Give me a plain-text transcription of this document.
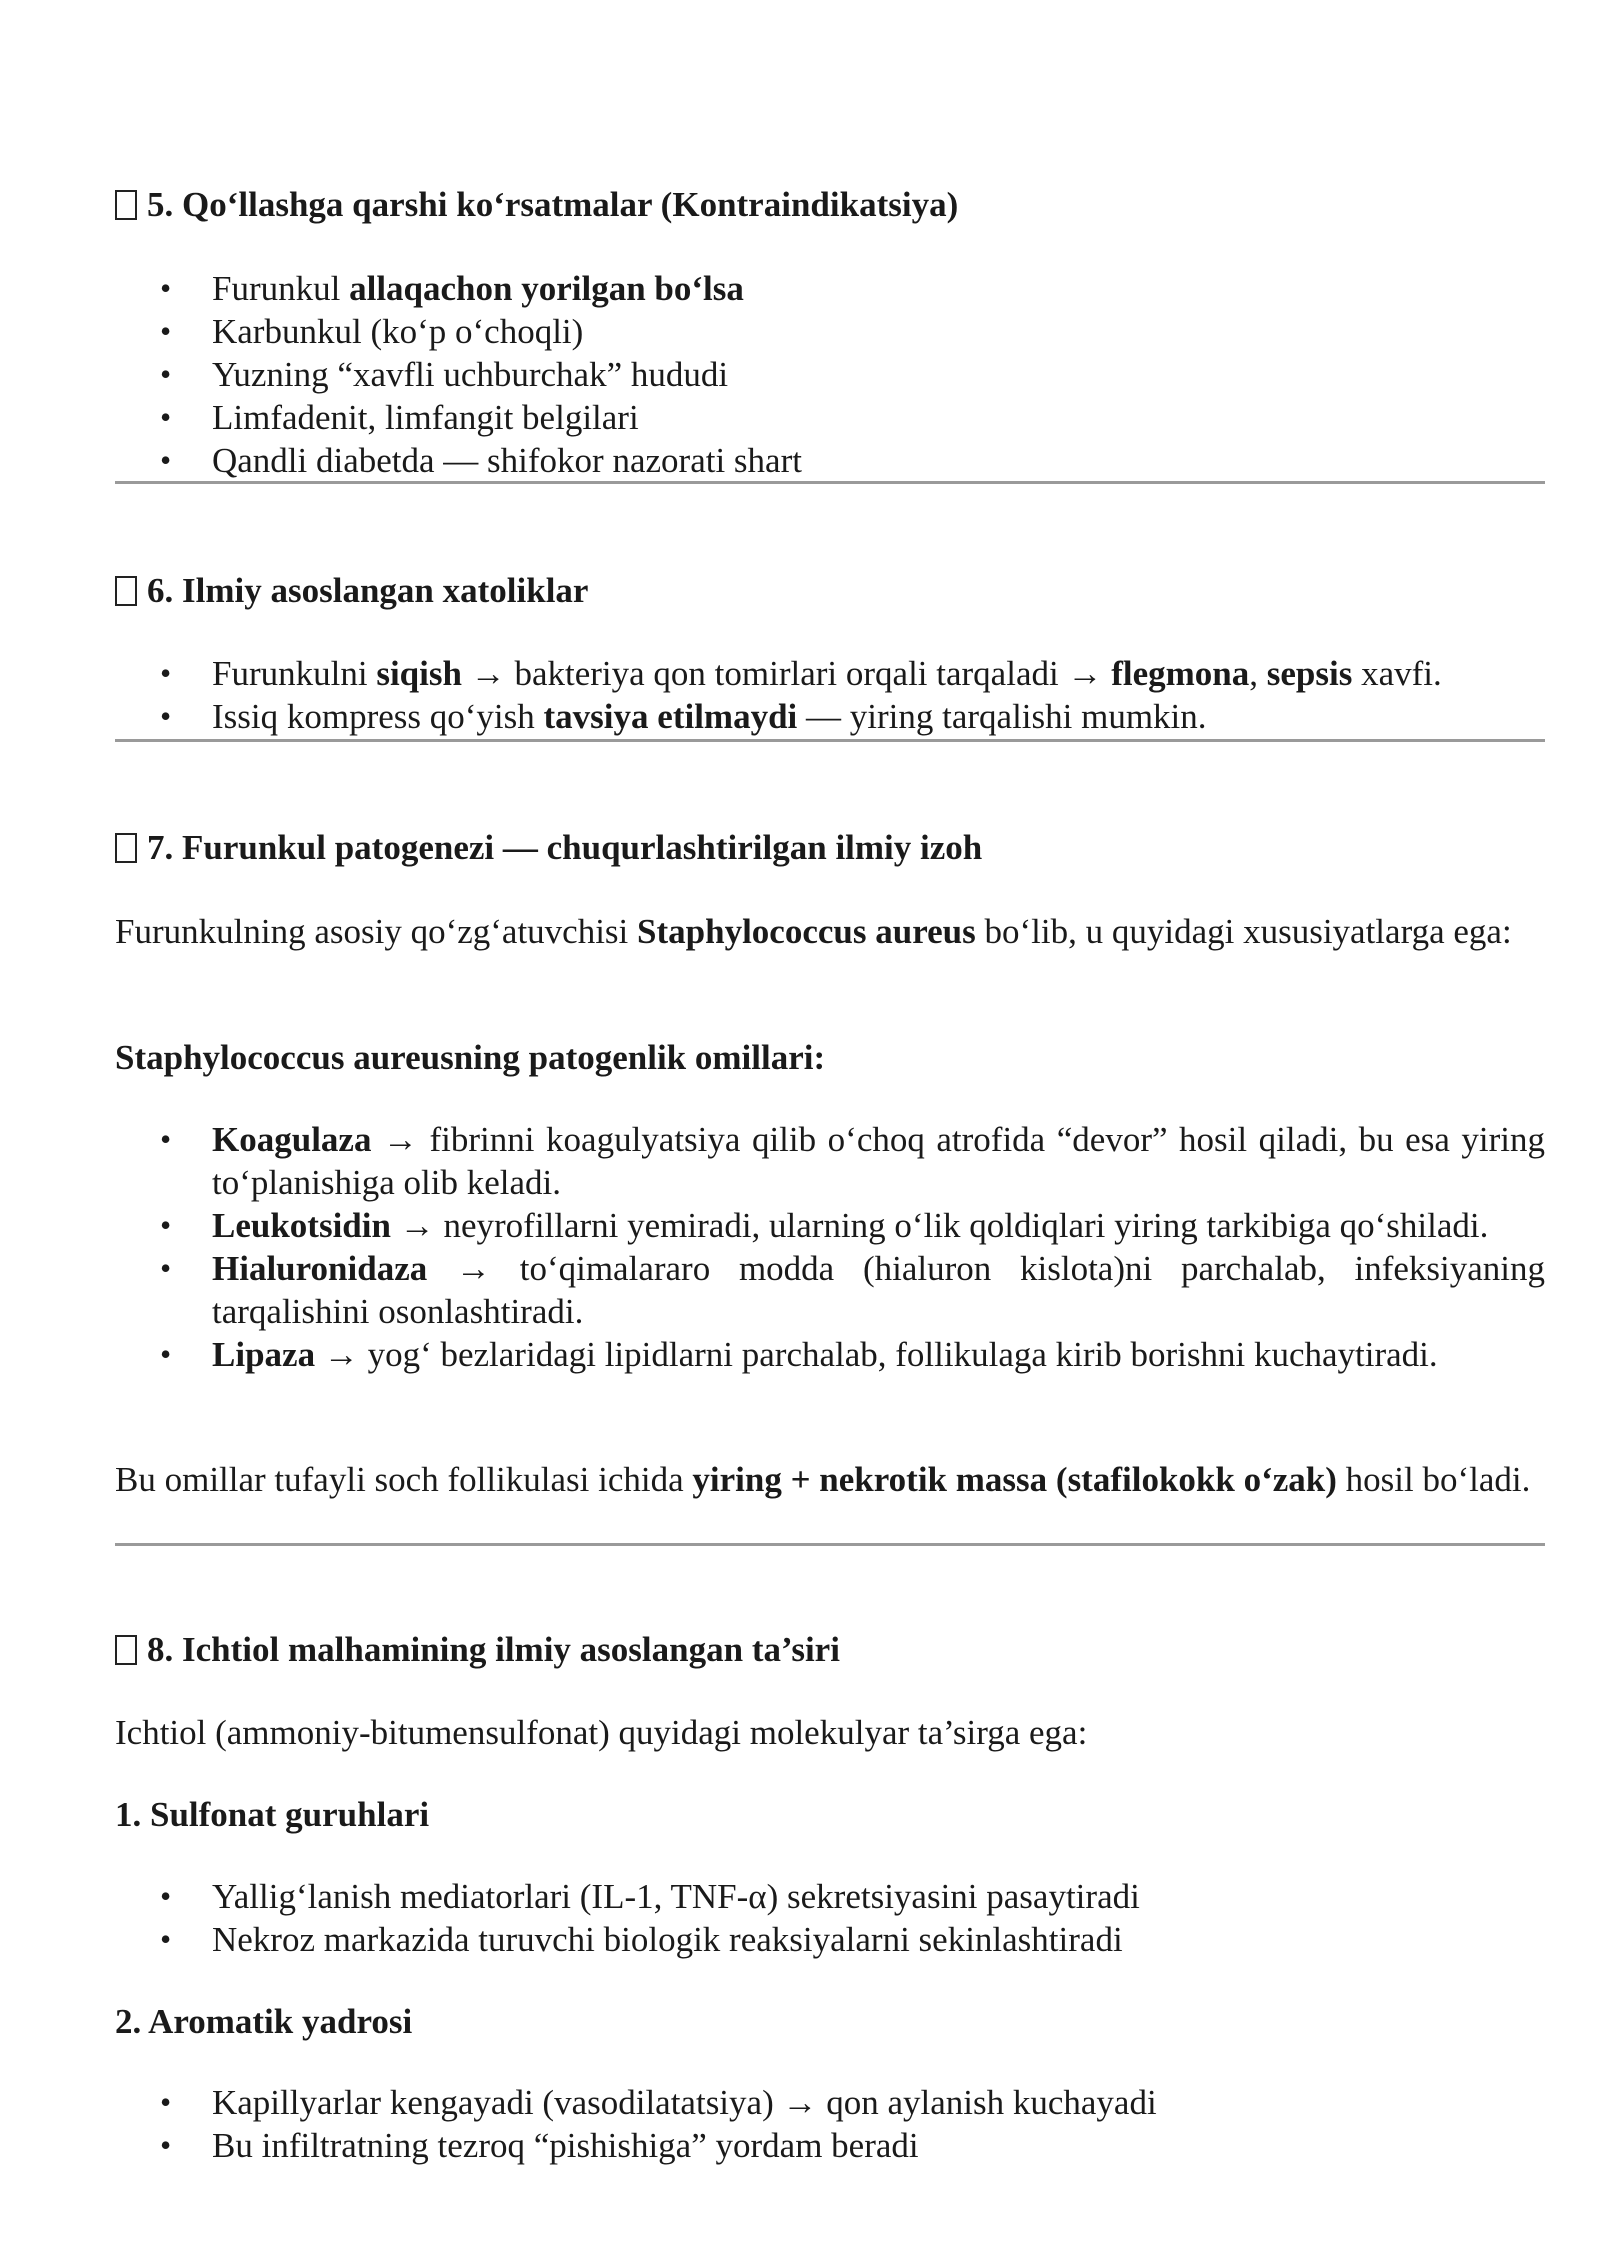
5. Qo‘llashga qarshi ko‘rsatmalar (Kontraindikatsiya)
• Furunkul allaqachon yorilgan bo‘lsa
• Karbunkul (ko‘p o‘choqli)
• Yuzning “xavfli uchburchak” hududi
• Limfadenit, limfangit belgilari
• Qandli diabetda — shifokor nazorati shart
6. Ilmiy asoslangan xatoliklar
• Furunkulni siqish → bakteriya qon tomirlari orqali tarqaladi → flegmona, sepsis xavfi.
• Issiq kompress qo‘yish tavsiya etilmaydi — yiring tarqalishi mumkin.
7. Furunkul patogenezi — chuqurlashtirilgan ilmiy izoh
Furunkulning asosiy qo‘zg‘atuvchisi Staphylococcus aureus bo‘lib, u quyidagi xususiyatlarga ega:
Staphylococcus aureusning patogenlik omillari:
• Koagulaza → fibrinni koagulyatsiya qilib o‘choq atrofida “devor” hosil qiladi, bu esa yiring to‘planishiga olib keladi.
• Leukotsidin → neyrofillarni yemiradi, ularning o‘lik qoldiqlari yiring tarkibiga qo‘shiladi.
• Hialuronidaza → to‘qimalararo modda (hialuron kislota)ni parchalab, infeksiyaning tarqalishini osonlashtiradi.
• Lipaza → yog‘ bezlaridagi lipidlarni parchalab, follikulaga kirib borishni kuchaytiradi.
Bu omillar tufayli soch follikulasi ichida yiring + nekrotik massa (stafilokokk o‘zak) hosil bo‘ladi.
8. Ichtiol malhamining ilmiy asoslangan ta’siri
Ichtiol (ammoniy-bitumensulfonat) quyidagi molekulyar ta’sirga ega:
1. Sulfonat guruhlari
• Yallig‘lanish mediatorlari (IL-1, TNF-α) sekretsiyasini pasaytiradi
• Nekroz markazida turuvchi biologik reaksiyalarni sekinlashtiradi
2. Aromatik yadrosi
• Kapillyarlar kengayadi (vasodilatatsiya) → qon aylanish kuchayadi
• Bu infiltratning tezroq “pishishiga” yordam beradi
